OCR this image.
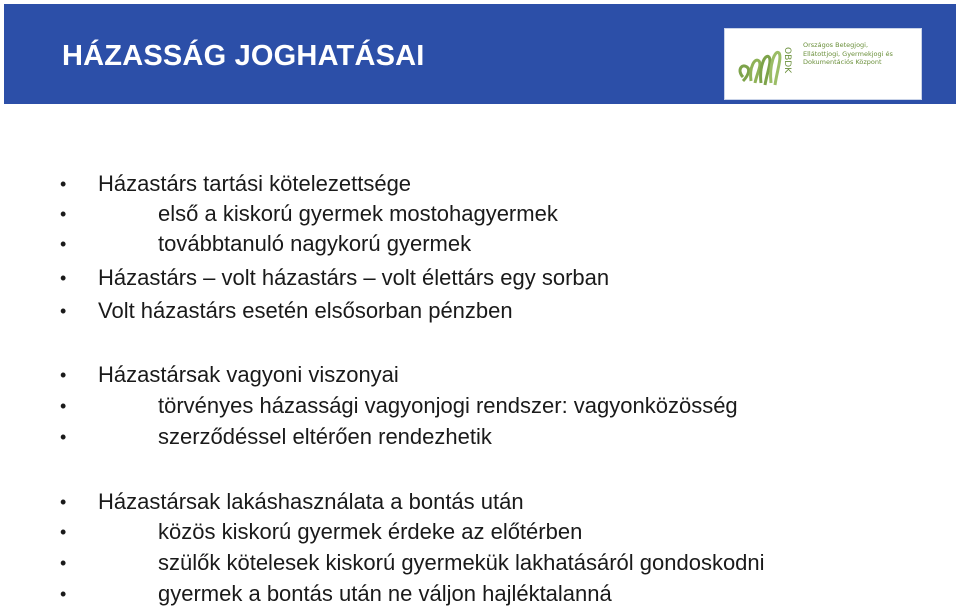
HÁZASSÁG JOGHATÁSAI	OBDK
Országos Betegjogi,
Ellátottjogi, Gyermekjogi és
Dokumentációs Központ
• Házastárs tartási kötelezettsége
•	első a kiskorú gyermek mostohagyermek
•	továbbtanuló nagykorú gyermek
• Házastárs – volt házastárs – volt élettárs egy sorban
• Volt házastárs esetén elsősorban pénzben
• Házastársak vagyoni viszonyai
•	törvényes házassági vagyonjogi rendszer: vagyonközösség
•	szerződéssel eltérően rendezhetik
• Házastársak lakáshasználata a bontás után
•	közös kiskorú gyermek érdeke az előtérben
•	szülők kötelesek kiskorú gyermekük lakhatásáról gondoskodni
•	gyermek a bontás után ne váljon hajléktalanná
